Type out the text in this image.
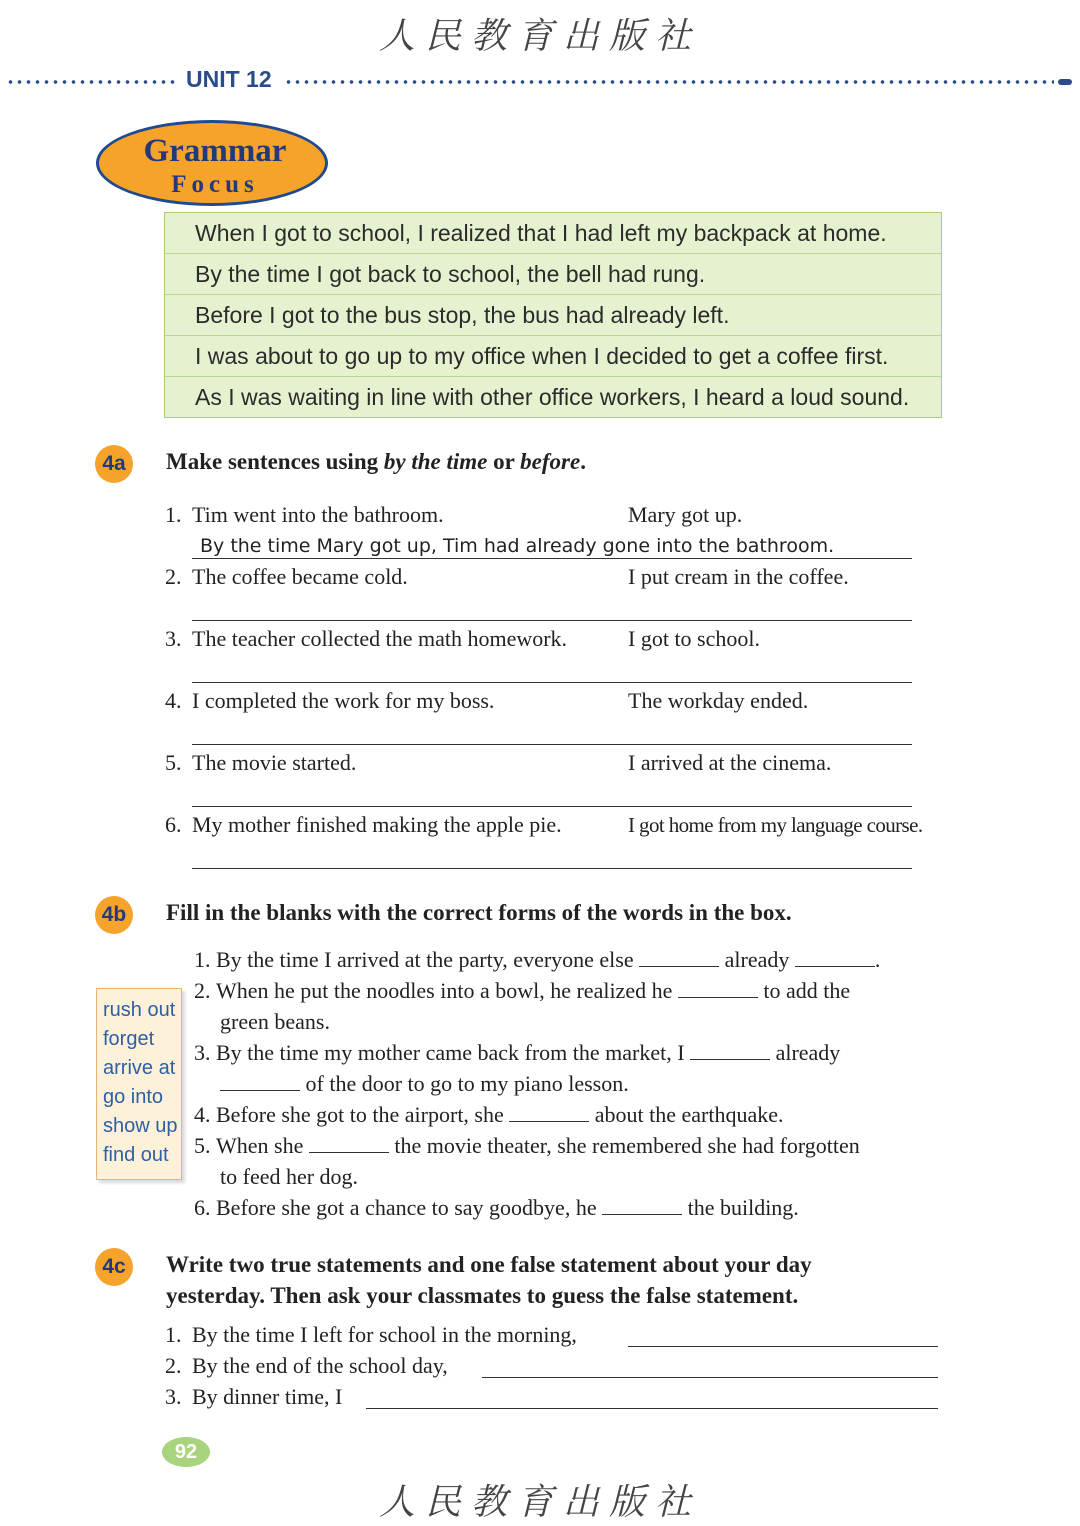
人民教育出版社
UNIT 12
Grammar
Focus
When I got to school, I realized that I had left my backpack at home.
By the time I got back to school, the bell had rung.
Before I got to the bus stop, the bus had already left.
I was about to go up to my office when I decided to get a coffee first.
As I was waiting in line with other office workers, I heard a loud sound.
4a	Make sentences using by the time or before.
1. Tim went into the bathroom.	Mary got up.
By the time Mary got up, Tim had already gone into the bathroom.
2. The coffee became cold.	I put cream in the coffee.
3. The teacher collected the math homework.	I got to school.
4. I completed the work for my boss.	The workday ended.
5. The movie started.	I arrived at the cinema.
6. My mother finished making the apple pie.	I got home from my language course.
4b Fill in the blanks with the correct forms of the words in the box.
rush out
forget
arrive at
go into
show up
find out
1. By the time I arrived at the party, everyone else	already	.
2. When he put the noodles into a bowl, he realized he	to add the
green beans.
3. By the time my mother came back from the market, I	already
of the door to go to my piano lesson.
4. Before she got to the airport, she	about the earthquake.
5. When she	the movie theater, she remembered she had forgotten
to feed her dog.
6. Before she got a chance to say goodbye, he	the building.
4c	Write two true statements and one false statement about your day
yesterday. Then ask your classmates to guess the false statement.
1. By the time I left for school in the morning,
2. By the end of the school day,
3. By dinner time, I
92
人民教育出版社
